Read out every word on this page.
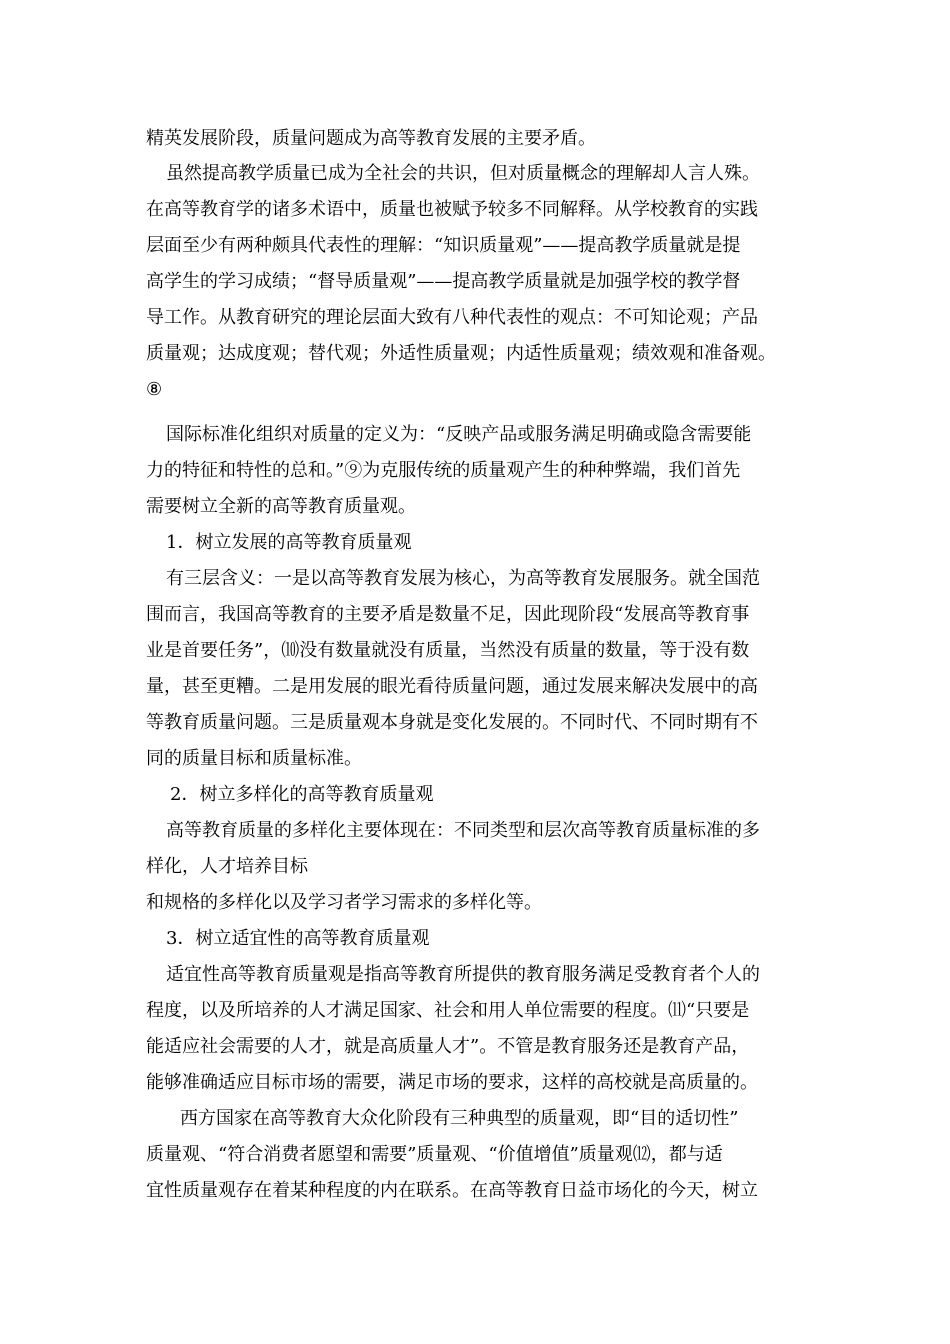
精英发展阶段，质量问题成为高等教育发展的主要矛盾。
虽然提高教学质量已成为全社会的共识，但对质量概念的理解却人言人殊。
在高等教育学的诸多术语中，质量也被赋予较多不同解释。从学校教育的实践
层面至少有两种颇具代表性的理解：“知识质量观”——提高教学质量就是提
高学生的学习成绩；“督导质量观”——提高教学质量就是加强学校的教学督
导工作。从教育研究的理论层面大致有八种代表性的观点：不可知论观；产品
质量观；达成度观；替代观；外适性质量观；内适性质量观；绩效观和准备观。
⑧
国际标准化组织对质量的定义为：“反映产品或服务满足明确或隐含需要能
力的特征和特性的总和。”⑨为克服传统的质量观产生的种种弊端，我们首先
需要树立全新的高等教育质量观。
1．树立发展的高等教育质量观
有三层含义：一是以高等教育发展为核心，为高等教育发展服务。就全国范
围而言，我国高等教育的主要矛盾是数量不足，因此现阶段“发展高等教育事
业是首要任务”，⑽没有数量就没有质量，当然没有质量的数量，等于没有数
量，甚至更糟。二是用发展的眼光看待质量问题，通过发展来解决发展中的高
等教育质量问题。三是质量观本身就是变化发展的。不同时代、不同时期有不
同的质量目标和质量标准。
2．树立多样化的高等教育质量观
高等教育质量的多样化主要体现在：不同类型和层次高等教育质量标准的多
样化，人才培养目标
和规格的多样化以及学习者学习需求的多样化等。
3．树立适宜性的高等教育质量观
适宜性高等教育质量观是指高等教育所提供的教育服务满足受教育者个人的
程度，以及所培养的人才满足国家、社会和用人单位需要的程度。⑾“只要是
能适应社会需要的人才，就是高质量人才”。不管是教育服务还是教育产品，
能够准确适应目标市场的需要，满足市场的要求，这样的高校就是高质量的。
西方国家在高等教育大众化阶段有三种典型的质量观，即“目的适切性”
质量观、“符合消费者愿望和需要”质量观、“价值增值”质量观⑿，都与适
宜性质量观存在着某种程度的内在联系。在高等教育日益市场化的今天，树立
